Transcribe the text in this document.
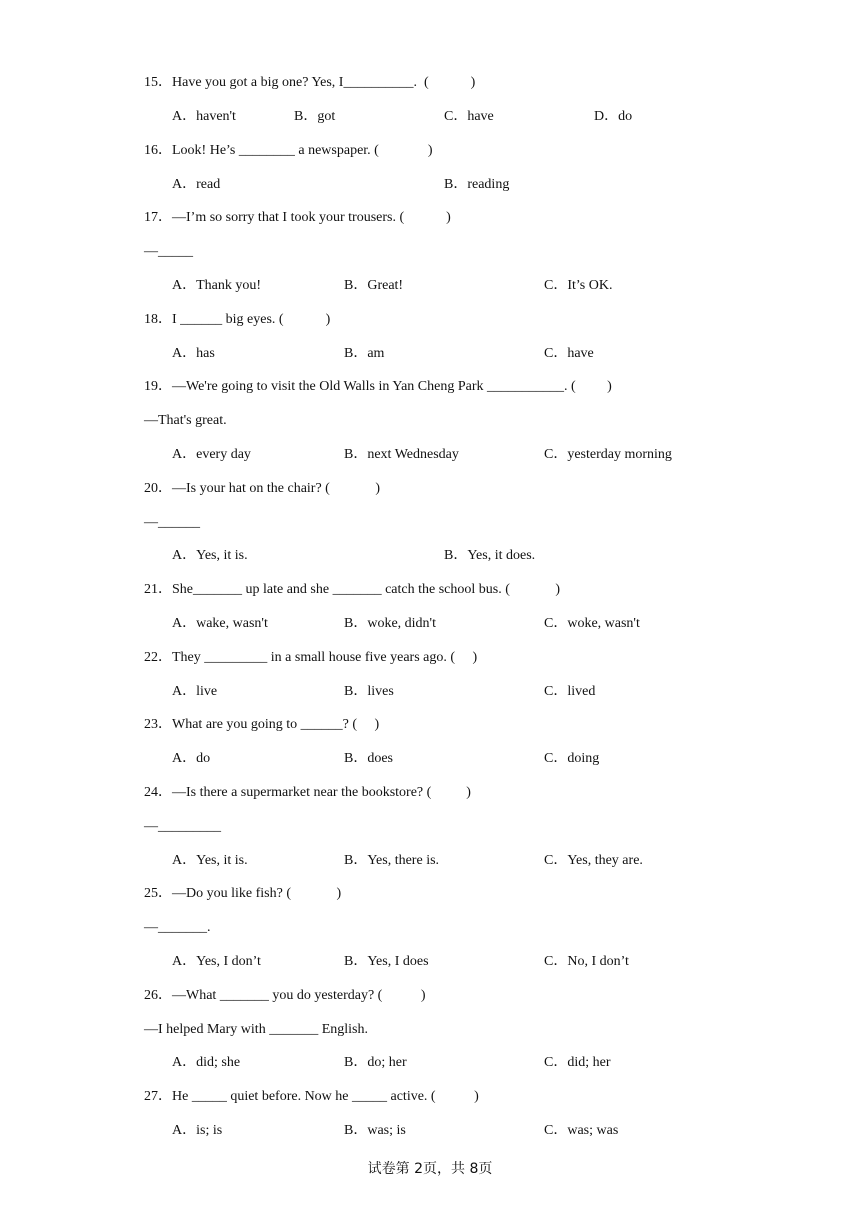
15．Have you got a big one? Yes, I__________.  (            )
A．haven't	B．got	C．have	D．do
16．Look! He’s ________ a newspaper. (              )
A．read	B．reading
17．—I’m so sorry that I took your trousers. (            )
—_____
A．Thank you!	B．Great!	C．It’s OK.
18．I ______ big eyes. (            )
A．has	B．am	C．have
19．—We're going to visit the Old Walls in Yan Cheng Park ___________. (         )
—That's great.
A．every day	B．next Wednesday	C．yesterday morning
20．—Is your hat on the chair? (             )
—______
A．Yes, it is.	B．Yes, it does.
21．She_______ up late and she _______ catch the school bus. (             )
A．wake, wasn't	B．woke, didn't	C．woke, wasn't
22．They _________ in a small house five years ago. (     )
A．live	B．lives	C．lived
23．What are you going to ______? (     )
A．do	B．does	C．doing
24．—Is there a supermarket near the bookstore? (          )
—_________
A．Yes, it is.	B．Yes, there is.	C．Yes, they are.
25．—Do you like fish? (             )
—_______.
A．Yes, I don’t	B．Yes, I does	C．No, I don’t
26．—What _______ you do yesterday? (           )
—I helped Mary with _______ English.
A．did; she	B．do; her	C．did; her
27．He _____ quiet before. Now he _____ active. (           )
A．is; is	B．was; is	C．was; was
试卷第 2页，共 8页
